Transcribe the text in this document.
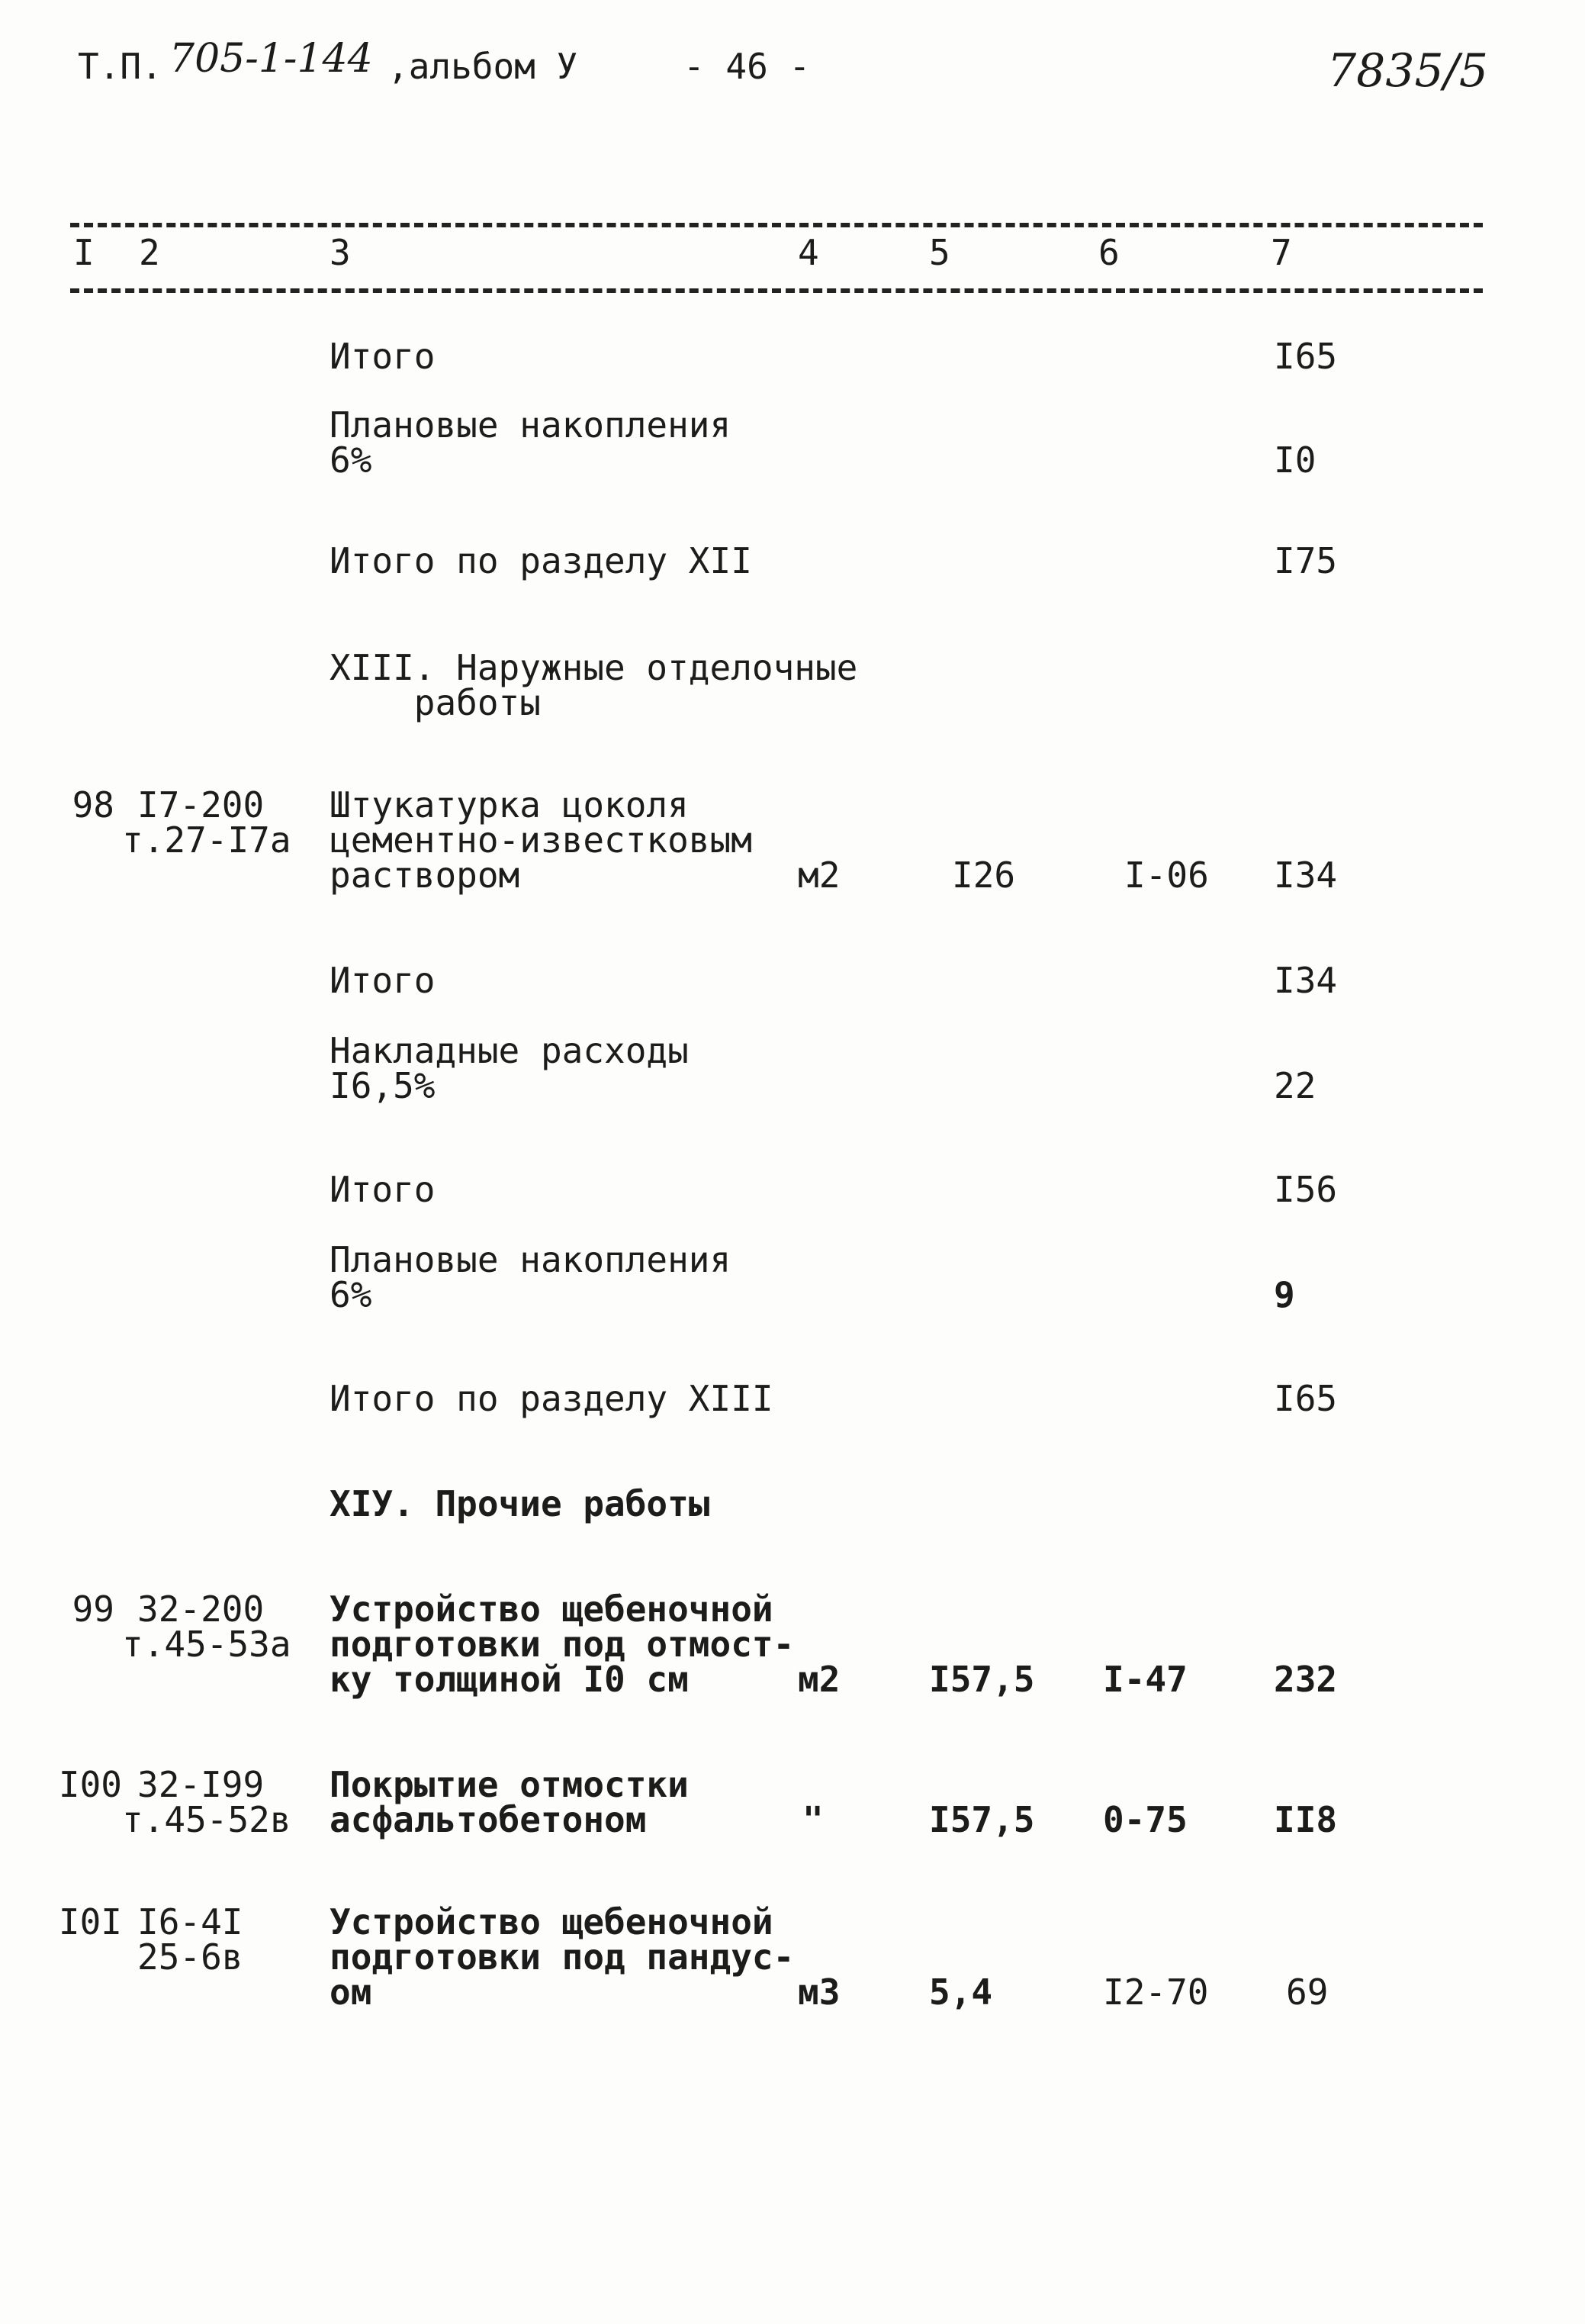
Т.П. 705-1-144 ,альбом У	- 46 -	7835/5
I 2	3	4	5	6	7
Итого	I65
Плановые накопления
6%	I0
Итого по разделу XII	I75
XIII. Наружные отделочные
работы
98 I7-200
т.27-I7а
Штукатурка цоколя
цементно-известковым
раствором	м2	I26	I-06 I34
Итого	I34
Накладные расходы
I6,5%	22
Итого	I56
Плановые накопления
6%	9
Итого по разделу XIII	I65
XIУ. Прочие работы
99 32-200
т.45-53а
Устройство щебеночной
подготовки под отмост-
ку толщиной I0 см	м2	I57,5 I-47 232
I00 32-I99
т.45-52в
Покрытие отмостки
асфальтобетоном	"	I57,5 0-75 II8
I0I I6-4I
25-6в
Устройство щебеночной
подготовки под пандус-
ом	м3	5,4	I2-70 69
